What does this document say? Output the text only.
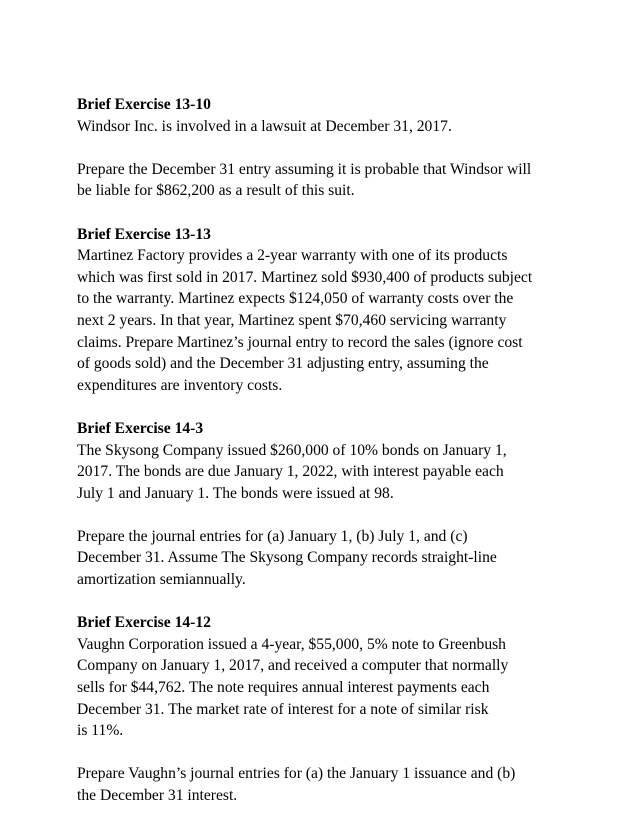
Brief Exercise 13-10
Windsor Inc. is involved in a lawsuit at December 31, 2017.
Prepare the December 31 entry assuming it is probable that Windsor will
be liable for $862,200 as a result of this suit.
Brief Exercise 13-13
Martinez Factory provides a 2-year warranty with one of its products
which was first sold in 2017. Martinez sold $930,400 of products subject
to the warranty. Martinez expects $124,050 of warranty costs over the
next 2 years. In that year, Martinez spent $70,460 servicing warranty
claims. Prepare Martinez’s journal entry to record the sales (ignore cost
of goods sold) and the December 31 adjusting entry, assuming the
expenditures are inventory costs.
Brief Exercise 14-3
The Skysong Company issued $260,000 of 10% bonds on January 1,
2017. The bonds are due January 1, 2022, with interest payable each
July 1 and January 1. The bonds were issued at 98.
Prepare the journal entries for (a) January 1, (b) July 1, and (c)
December 31. Assume The Skysong Company records straight-line
amortization semiannually.
Brief Exercise 14-12
Vaughn Corporation issued a 4-year, $55,000, 5% note to Greenbush
Company on January 1, 2017, and received a computer that normally
sells for $44,762. The note requires annual interest payments each
December 31. The market rate of interest for a note of similar risk
is 11%.
Prepare Vaughn’s journal entries for (a) the January 1 issuance and (b)
the December 31 interest.
